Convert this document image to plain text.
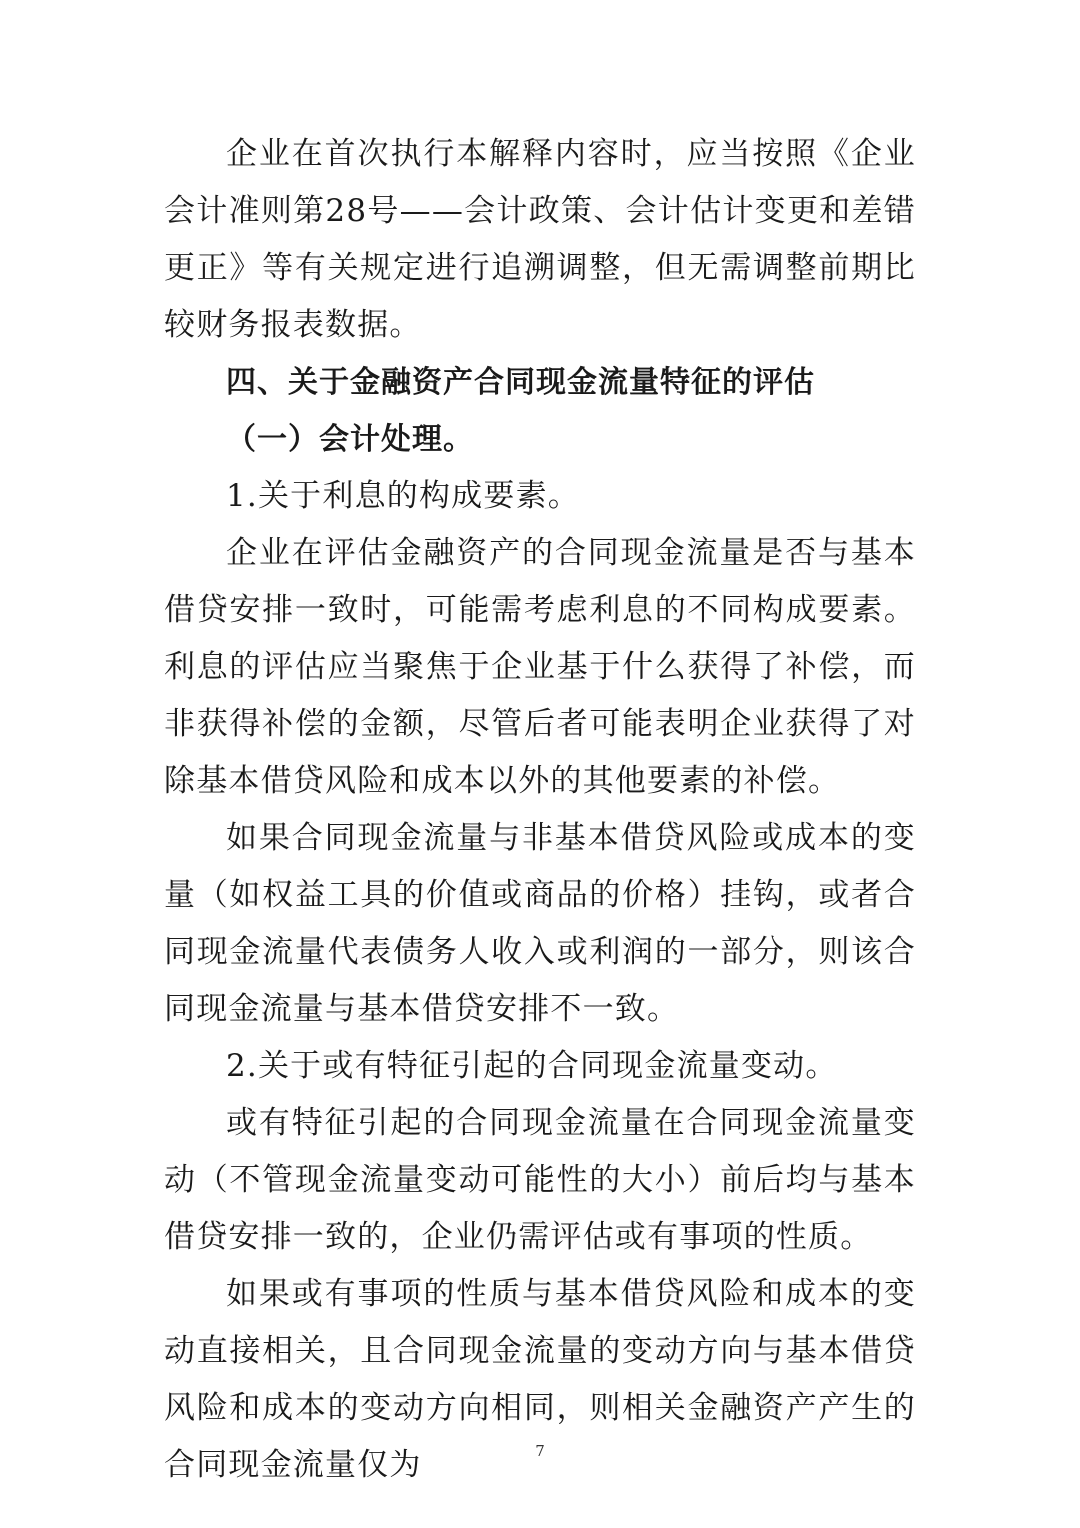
企业在首次执行本解释内容时，应当按照《企业会计准则第28号——会计政策、会计估计变更和差错更正》等有关规定进行追溯调整，但无需调整前期比较财务报表数据。

四、关于金融资产合同现金流量特征的评估

（一）会计处理。

1.关于利息的构成要素。

企业在评估金融资产的合同现金流量是否与基本借贷安排一致时，可能需考虑利息的不同构成要素。利息的评估应当聚焦于企业基于什么获得了补偿，而非获得补偿的金额，尽管后者可能表明企业获得了对除基本借贷风险和成本以外的其他要素的补偿。

如果合同现金流量与非基本借贷风险或成本的变量（如权益工具的价值或商品的价格）挂钩，或者合同现金流量代表债务人收入或利润的一部分，则该合同现金流量与基本借贷安排不一致。

2.关于或有特征引起的合同现金流量变动。

或有特征引起的合同现金流量在合同现金流量变动（不管现金流量变动可能性的大小）前后均与基本借贷安排一致的，企业仍需评估或有事项的性质。

如果或有事项的性质与基本借贷风险和成本的变动直接相关，且合同现金流量的变动方向与基本借贷风险和成本的变动方向相同，则相关金融资产产生的合同现金流量仅为	7
